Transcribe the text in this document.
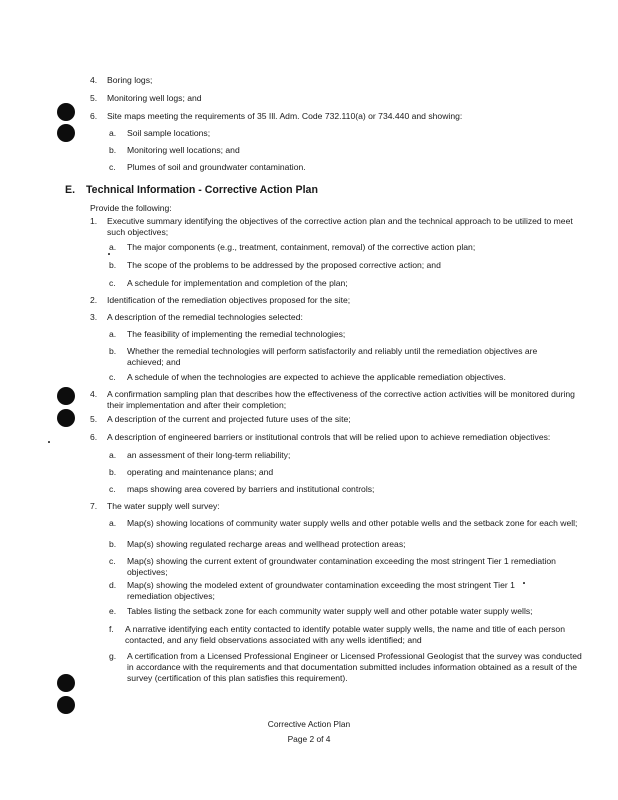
4. Boring logs;
5. Monitoring well logs; and
6. Site maps meeting the requirements of 35 Ill. Adm. Code 732.110(a) or 734.440 and showing:
a. Soil sample locations;
b. Monitoring well locations; and
c. Plumes of soil and groundwater contamination.
E. Technical Information - Corrective Action Plan
Provide the following:
1. Executive summary identifying the objectives of the corrective action plan and the technical approach to be utilized to meet such objectives;
a. The major components (e.g., treatment, containment, removal) of the corrective action plan;
b. The scope of the problems to be addressed by the proposed corrective action; and
c. A schedule for implementation and completion of the plan;
2. Identification of the remediation objectives proposed for the site;
3. A description of the remedial technologies selected:
a. The feasibility of implementing the remedial technologies;
b. Whether the remedial technologies will perform satisfactorily and reliably until the remediation objectives are achieved; and
c. A schedule of when the technologies are expected to achieve the applicable remediation objectives.
4. A confirmation sampling plan that describes how the effectiveness of the corrective action activities will be monitored during their implementation and after their completion;
5. A description of the current and projected future uses of the site;
6. A description of engineered barriers or institutional controls that will be relied upon to achieve remediation objectives:
a. an assessment of their long-term reliability;
b. operating and maintenance plans; and
c. maps showing area covered by barriers and institutional controls;
7. The water supply well survey:
a. Map(s) showing locations of community water supply wells and other potable wells and the setback zone for each well;
b. Map(s) showing regulated recharge areas and wellhead protection areas;
c. Map(s) showing the current extent of groundwater contamination exceeding the most stringent Tier 1 remediation objectives;
d. Map(s) showing the modeled extent of groundwater contamination exceeding the most stringent Tier 1 remediation objectives;
e. Tables listing the setback zone for each community water supply well and other potable water supply wells;
f. A narrative identifying each entity contacted to identify potable water supply wells, the name and title of each person contacted, and any field observations associated with any wells identified; and
g. A certification from a Licensed Professional Engineer or Licensed Professional Geologist that the survey was conducted in accordance with the requirements and that documentation submitted includes information obtained as a result of the survey (certification of this plan satisfies this requirement).
Corrective Action Plan
Page 2 of 4
